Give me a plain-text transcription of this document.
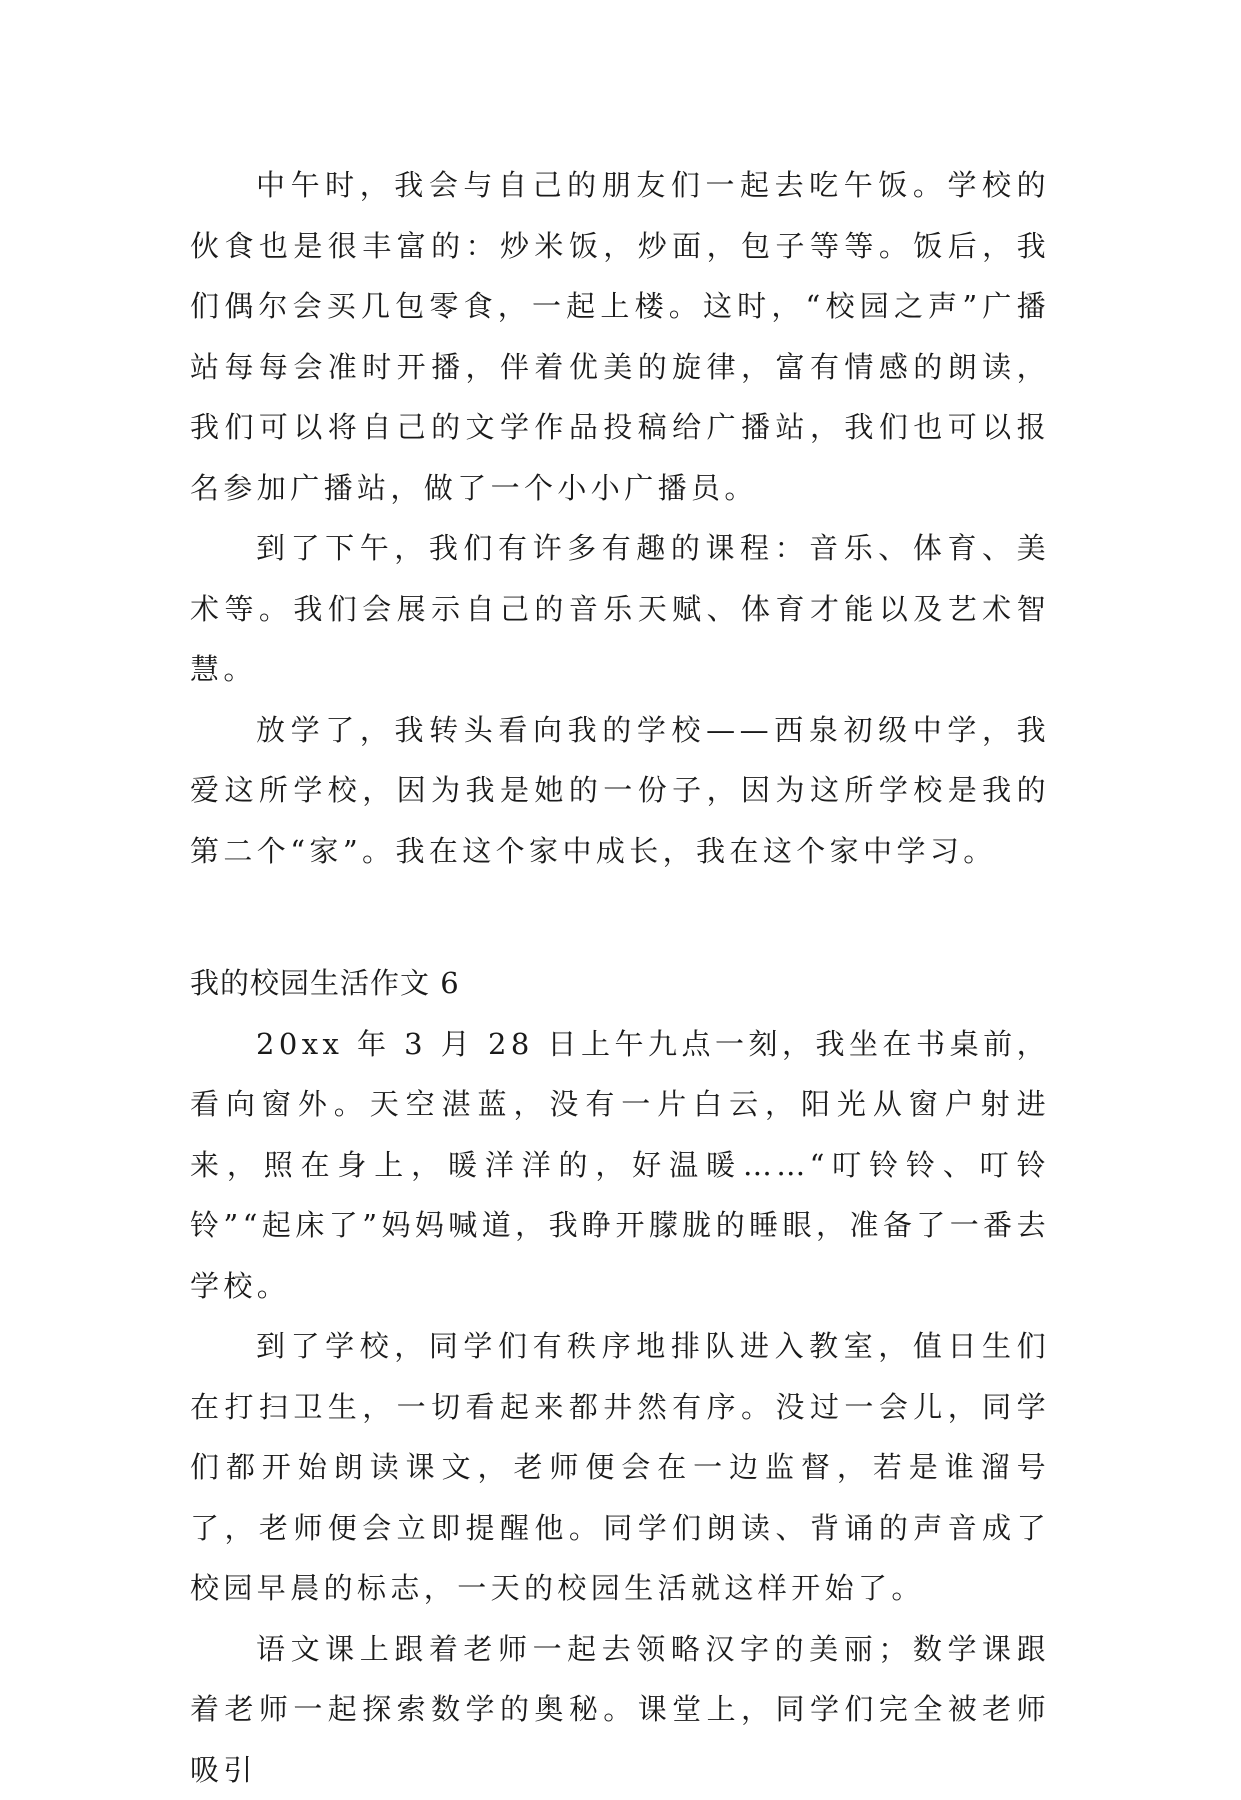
中午时，我会与自己的朋友们一起去吃午饭。学校的伙食也是很丰富的：炒米饭，炒面，包子等等。饭后，我们偶尔会买几包零食，一起上楼。这时，“校园之声”广播站每每会准时开播，伴着优美的旋律，富有情感的朗读，我们可以将自己的文学作品投稿给广播站，我们也可以报名参加广播站，做了一个小小广播员。

到了下午，我们有许多有趣的课程：音乐、体育、美术等。我们会展示自己的音乐天赋、体育才能以及艺术智慧。

放学了，我转头看向我的学校——西泉初级中学，我爱这所学校，因为我是她的一份子，因为这所学校是我的第二个“家”。我在这个家中成长，我在这个家中学习。

我的校园生活作文 6

20xx 年 3 月 28 日上午九点一刻，我坐在书桌前，看向窗外。天空湛蓝，没有一片白云，阳光从窗户射进来，照在身上，暖洋洋的，好温暖……“叮铃铃、叮铃铃”“起床了”妈妈喊道，我睁开朦胧的睡眼，准备了一番去学校。

到了学校，同学们有秩序地排队进入教室，值日生们在打扫卫生，一切看起来都井然有序。没过一会儿，同学们都开始朗读课文，老师便会在一边监督，若是谁溜号了，老师便会立即提醒他。同学们朗读、背诵的声音成了校园早晨的标志，一天的校园生活就这样开始了。

语文课上跟着老师一起去领略汉字的美丽；数学课跟着老师一起探索数学的奥秘。课堂上，同学们完全被老师吸引
